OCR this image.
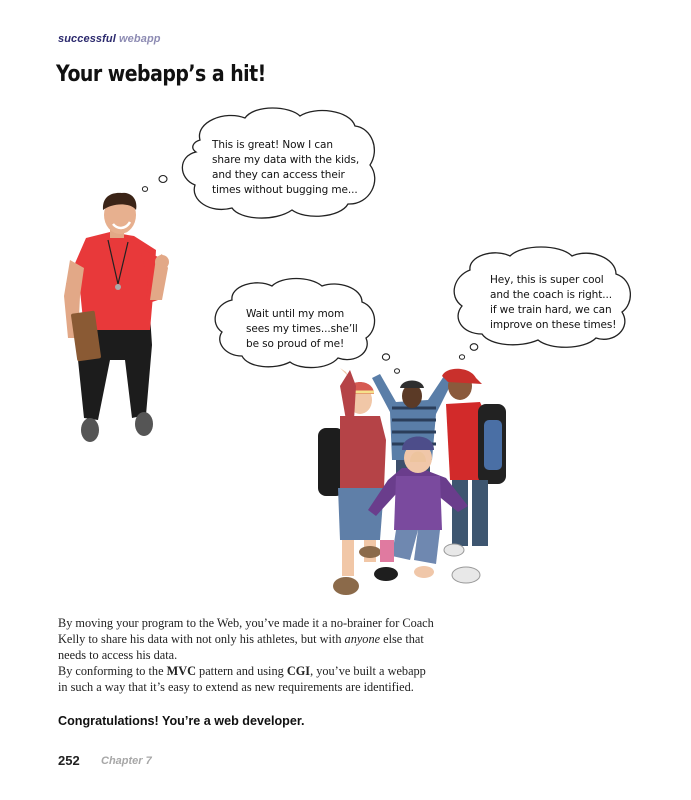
successful webapp
Your webapp’s a hit!
This is great! Now I can
share my data with the kids,
and they can access their
times without bugging me...
Wait until my mom
sees my times...she’ll
be so proud of me!
Hey, this is super cool
and the coach is right...
if we train hard, we can
improve on these times!
By moving your program to the Web, you’ve made it a no-brainer for Coach Kelly to share his data with not only his athletes, but with anyone else that needs to access his data.
By conforming to the MVC pattern and using CGI, you’ve built a webapp in such a way that it’s easy to extend as new requirements are identified.
Congratulations! You’re a web developer.
252 Chapter 7
